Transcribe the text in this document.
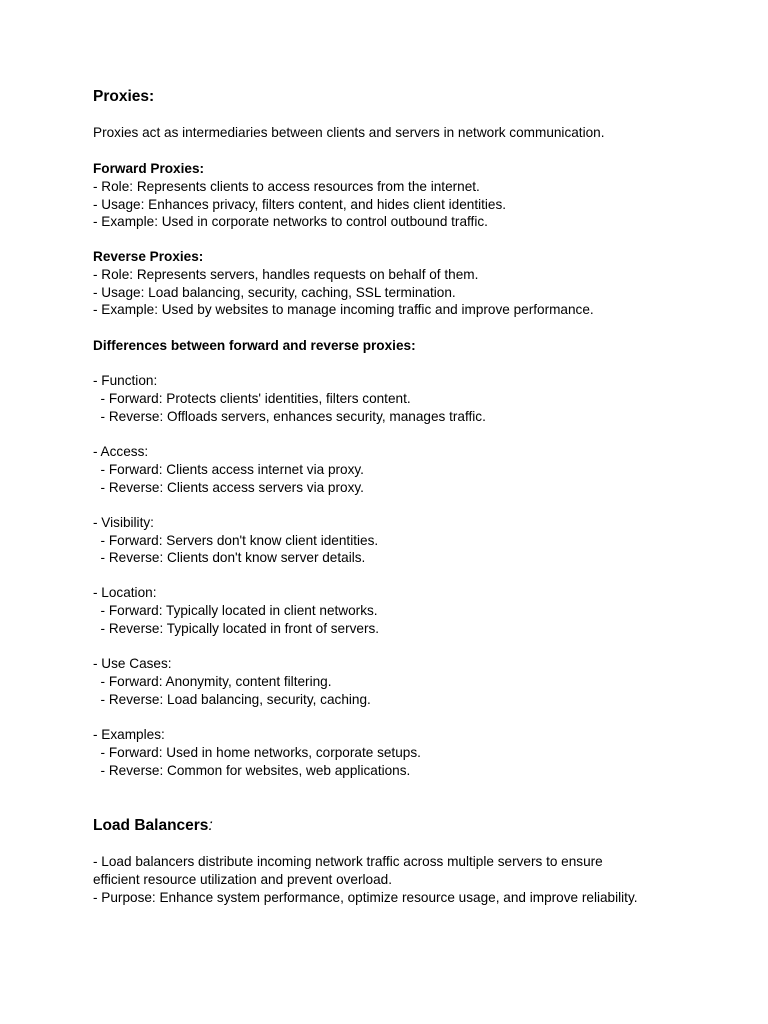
Proxies:
Proxies act as intermediaries between clients and servers in network communication.
Forward Proxies:
- Role: Represents clients to access resources from the internet.
- Usage: Enhances privacy, filters content, and hides client identities.
- Example: Used in corporate networks to control outbound traffic.
Reverse Proxies:
- Role: Represents servers, handles requests on behalf of them.
- Usage: Load balancing, security, caching, SSL termination.
- Example: Used by websites to manage incoming traffic and improve performance.
Differences between forward and reverse proxies:
- Function:
- Forward: Protects clients' identities, filters content.
- Reverse: Offloads servers, enhances security, manages traffic.
- Access:
- Forward: Clients access internet via proxy.
- Reverse: Clients access servers via proxy.
- Visibility:
- Forward: Servers don't know client identities.
- Reverse: Clients don't know server details.
- Location:
- Forward: Typically located in client networks.
- Reverse: Typically located in front of servers.
- Use Cases:
- Forward: Anonymity, content filtering.
- Reverse: Load balancing, security, caching.
- Examples:
- Forward: Used in home networks, corporate setups.
- Reverse: Common for websites, web applications.
Load Balancers:
- Load balancers distribute incoming network traffic across multiple servers to ensure
efficient resource utilization and prevent overload.
- Purpose: Enhance system performance, optimize resource usage, and improve reliability.
